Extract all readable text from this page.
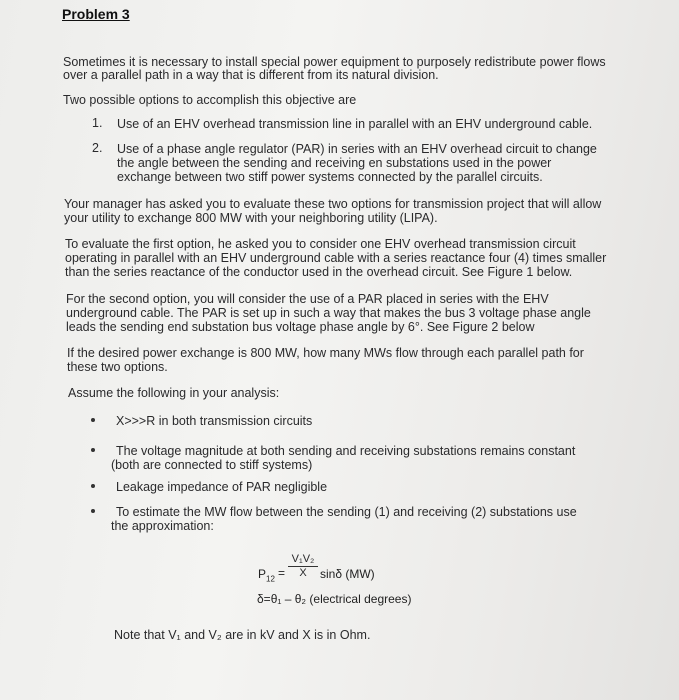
Problem 3
Sometimes it is necessary to install special power equipment to purposely redistribute power flows
over a parallel path in a way that is different from its natural division.
Two possible options to accomplish this objective are
1. Use of an EHV overhead transmission line in parallel with an EHV underground cable.
2. Use of a phase angle regulator (PAR) in series with an EHV overhead circuit to change
the angle between the sending and receiving en substations used in the power
exchange between two stiff power systems connected by the parallel circuits.
Your manager has asked you to evaluate these two options for transmission project that will allow
your utility to exchange 800 MW with your neighboring utility (LIPA).
To evaluate the first option, he asked you to consider one EHV overhead transmission circuit
operating in parallel with an EHV underground cable with a series reactance four (4) times smaller
than the series reactance of the conductor used in the overhead circuit. See Figure 1 below.
For the second option, you will consider the use of a PAR placed in series with the EHV
underground cable. The PAR is set up in such a way that makes the bus 3 voltage phase angle
leads the sending end substation bus voltage phase angle by 6°. See Figure 2 below
If the desired power exchange is 800 MW, how many MWs flow through each parallel path for
these two options.
Assume the following in your analysis:
X>>>R in both transmission circuits
The voltage magnitude at both sending and receiving substations remains constant
(both are connected to stiff systems)
Leakage impedance of PAR negligible
To estimate the MW flow between the sending (1) and receiving (2) substations use
the approximation:
$P_{12}$ =
V₁V₂
X	sinδ (MW)
δ=θ₁ – θ₂ (electrical degrees)
Note that V₁ and V₂ are in kV and X is in Ohm.
